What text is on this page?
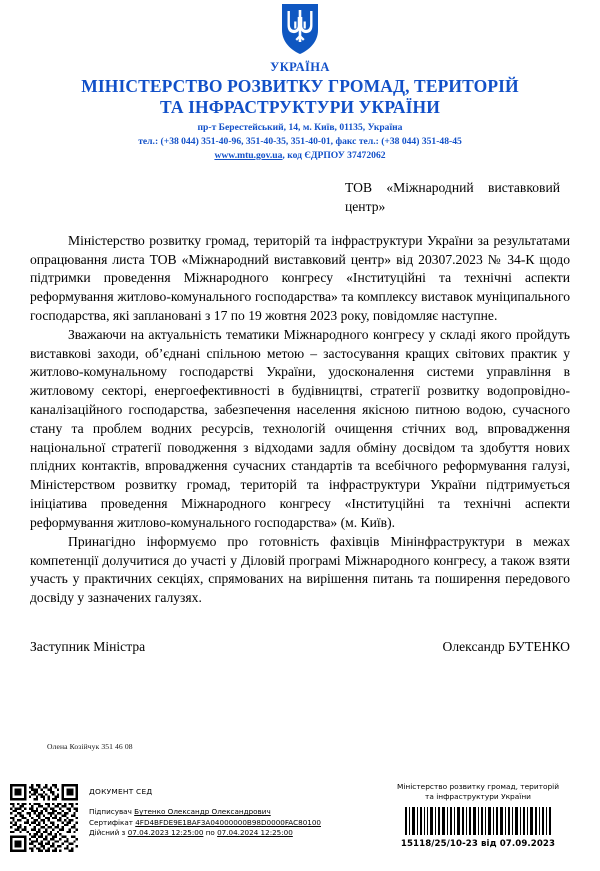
УКРАЇНА
МІНІСТЕРСТВО РОЗВИТКУ ГРОМАД, ТЕРИТОРІЙ
ТА ІНФРАСТРУКТУРИ УКРАЇНИ
пр-т Берестейський, 14, м. Київ, 01135, Україна
тел.: (+38 044) 351-40-96, 351-40-35, 351-40-01, факс тел.: (+38 044) 351-48-45
www.mtu.gov.ua, код ЄДРПОУ 37472062
ТОВ «Міжнародний виставковий центр»

Міністерство розвитку громад, територій та інфраструктури України за результатами опрацювання листа ТОВ «Міжнародний виставковий центр» від 20307.2023 № 34-К щодо підтримки проведення Міжнародного конгресу «Інституційні та технічні аспекти реформування житлово-комунального господарства» та комплексу виставок муніципального господарства, які заплановані з 17 по 19 жовтня 2023 року, повідомляє наступне.

Зважаючи на актуальність тематики Міжнародного конгресу у складі якого пройдуть виставкові заходи, об’єднані спільною метою – застосування кращих світових практик у житлово-комунальному господарстві України, удосконалення системи управління в житловому секторі, енергоефективності в будівництві, стратегії розвитку водопровідно-каналізаційного господарства, забезпечення населення якісною питною водою, сучасного стану та проблем водних ресурсів, технологій очищення стічних вод, впровадження національної стратегії поводження з відходами задля обміну досвідом та здобуття нових плідних контактів, впровадження сучасних стандартів та всебічного реформування галузі, Міністерством розвитку громад, територій та інфраструктури України підтримується ініціатива проведення Міжнародного конгресу «Інституційні та технічні аспекти реформування житлово-комунального господарства» (м. Київ).

Принагідно інформуємо про готовність фахівців Мінінфраструктури в межах компетенції долучитися до участі у Діловій програмі Міжнародного конгресу, а також взяти участь у практичних секціях, спрямованих на вирішення питань та поширення передового досвіду у зазначених галузях.

Заступник Міністра	Олександр БУТЕНКО
Олена Козійчук 351 46 08
ДОКУМЕНТ СЕД
Підписувач Бутенко Олександр Олександрович
Сертифікат 4FD4BFDE9E1BAF3A04000000B98D0000FAC80100
Дійсний з 07.04.2023 12:25:00 по 07.04.2024 12:25:00
Міністерство розвитку громад, територій
та інфраструктури України
15118/25/10-23 від 07.09.2023
